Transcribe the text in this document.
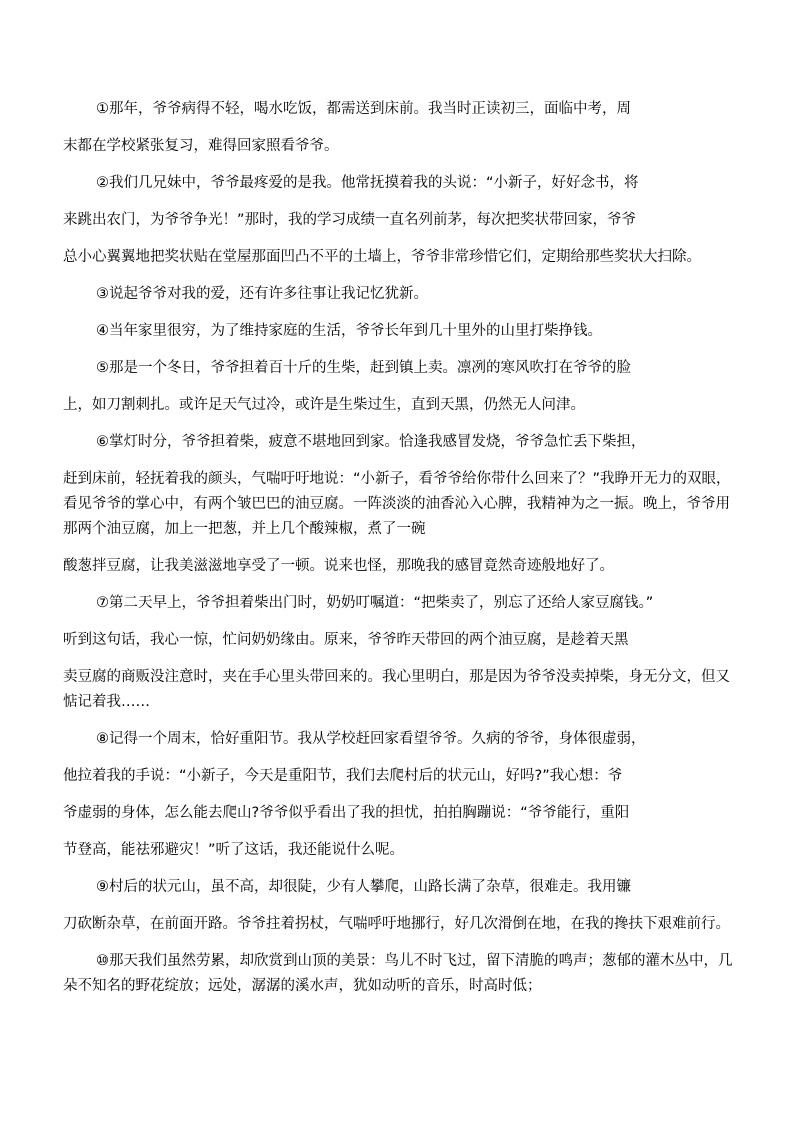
①那年，爷爷病得不轻，喝水吃饭，都需送到床前。我当时正读初三，面临中考，周
末都在学校紧张复习，难得回家照看爷爷。
②我们几兄妹中，爷爷最疼爱的是我。他常抚摸着我的头说：“小新子，好好念书，将
来跳出农门，为爷爷争光！”那时，我的学习成绩一直名列前茅，每次把奖状带回家，爷爷
总小心翼翼地把奖状贴在堂屋那面凹凸不平的土墙上，爷爷非常珍惜它们，定期给那些奖状大扫除。
③说起爷爷对我的爱，还有许多往事让我记忆犹新。
④当年家里很穷，为了维持家庭的生活，爷爷长年到几十里外的山里打柴挣钱。
⑤那是一个冬日，爷爷担着百十斤的生柴，赶到镇上卖。凛冽的寒风吹打在爷爷的脸
上，如刀割刺扎。或许足天气过冷，或许是生柴过生，直到天黑，仍然无人问津。
⑥掌灯时分，爷爷担着柴，疲意不堪地回到家。恰逢我感冒发烧，爷爷急忙丢下柴担，
赶到床前，轻抚着我的颜头，气喘吁吁地说：“小新子，看爷爷给你带什么回来了？”我睁开无力的双眼，
看见爷爷的掌心中，有两个皱巴巴的油豆腐。一阵淡淡的油香沁入心脾，我精神为之一振。晚上，爷爷用
那两个油豆腐，加上一把葱，并上几个酸辣椒，煮了一碗
酸葱拌豆腐，让我美滋滋地享受了一顿。说来也怪，那晚我的感冒竟然奇迹般地好了。
⑦第二天早上，爷爷担着柴出门时，奶奶叮嘱道：“把柴卖了，别忘了还给人家豆腐钱。”
听到这句话，我心一惊，忙问奶奶缘由。原来，爷爷昨天带回的两个油豆腐，是趁着天黑
卖豆腐的商贩没注意时，夹在手心里头带回来的。我心里明白，那是因为爷爷没卖掉柴，身无分文，但又
惦记着我……
⑧记得一个周末，恰好重阳节。我从学校赶回家看望爷爷。久病的爷爷，身体很虚弱，
他拉着我的手说：“小新子，今天是重阳节，我们去爬村后的状元山，好吗?”我心想：爷
爷虚弱的身体，怎么能去爬山?爷爷似乎看出了我的担忧，拍拍胸蹦说：“爷爷能行，重阳
节登高，能祛邪避灾！”听了这话，我还能说什么呢。
⑨村后的状元山，虽不高，却很陡，少有人攀爬，山路长满了杂草，很难走。我用镰
刀砍断杂草，在前面开路。爷爷拄着拐杖，气喘呼吁地挪行，好几次滑倒在地，在我的搀扶下艰难前行。
⑩那天我们虽然劳累，却欣赏到山顶的美景：鸟儿不时飞过，留下清脆的鸣声；葱郁的灌木丛中，几
朵不知名的野花绽放；远处，潺潺的溪水声，犹如动听的音乐，时高时低；
